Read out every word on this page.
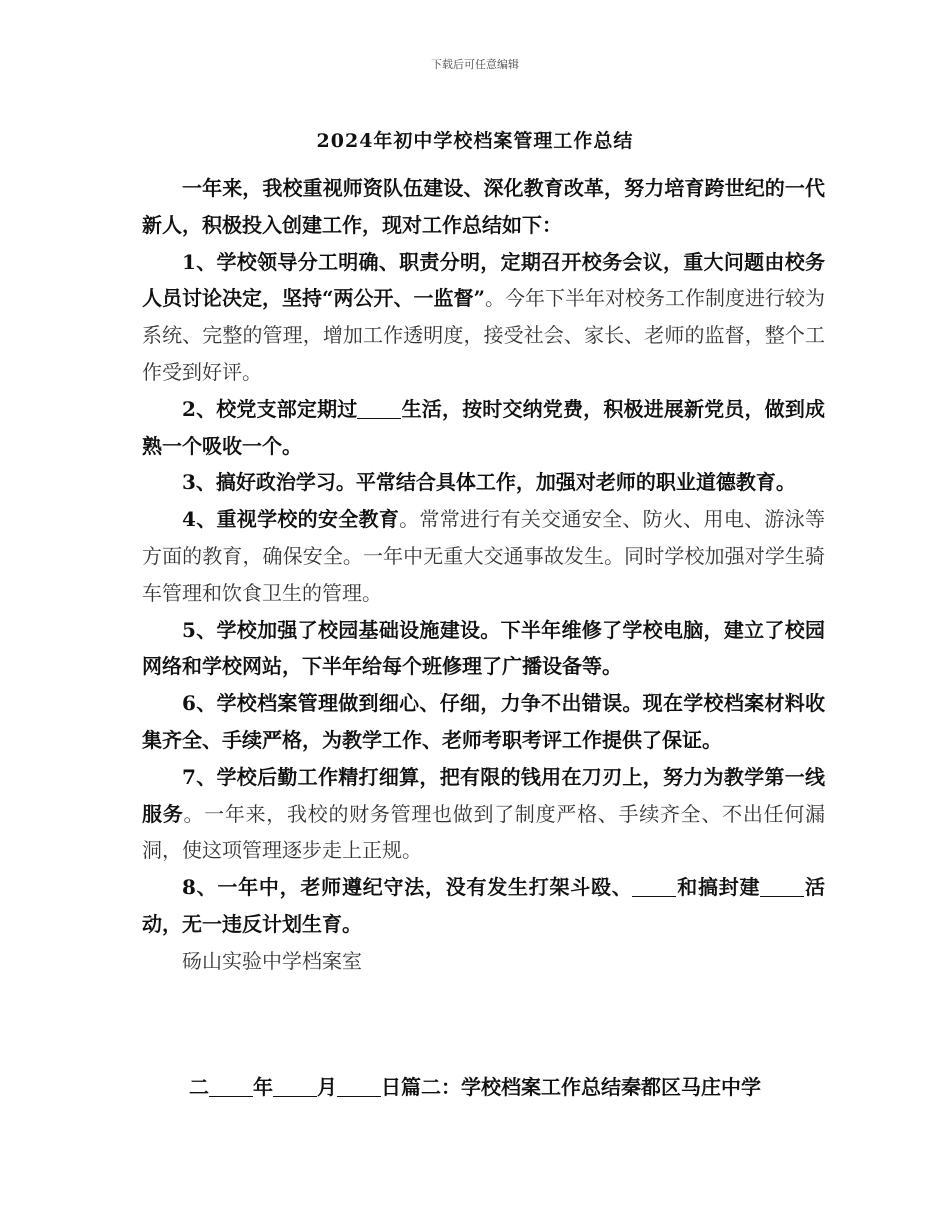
下载后可任意编辑
2024年初中学校档案管理工作总结

一年来，我校重视师资队伍建设、深化教育改革，努力培育跨世纪的一代新人，积极投入创建工作，现对工作总结如下：

1、学校领导分工明确、职责分明，定期召开校务会议，重大问题由校务人员讨论决定，坚持“两公开、一监督”。今年下半年对校务工作制度进行较为系统、完整的管理，增加工作透明度，接受社会、家长、老师的监督，整个工作受到好评。

2、校党支部定期过 生活，按时交纳党费，积极进展新党员，做到成熟一个吸收一个。

3、搞好政治学习。平常结合具体工作，加强对老师的职业道德教育。

4、重视学校的安全教育。常常进行有关交通安全、防火、用电、游泳等方面的教育，确保安全。一年中无重大交通事故发生。同时学校加强对学生骑车管理和饮食卫生的管理。

5、学校加强了校园基础设施建设。下半年维修了学校电脑，建立了校园网络和学校网站，下半年给每个班修理了广播设备等。

6、学校档案管理做到细心、仔细，力争不出错误。现在学校档案材料收集齐全、手续严格，为教学工作、老师考职考评工作提供了保证。

7、学校后勤工作精打细算，把有限的钱用在刀刃上，努力为教学第一线服务。一年来，我校的财务管理也做到了制度严格、手续齐全、不出任何漏洞，使这项管理逐步走上正规。

8、一年中，老师遵纪守法，没有发生打架斗殴、 和搞封建 活动，无一违反计划生育。

砀山实验中学档案室

二 年 月 日篇二：学校档案工作总结秦都区马庄中学
